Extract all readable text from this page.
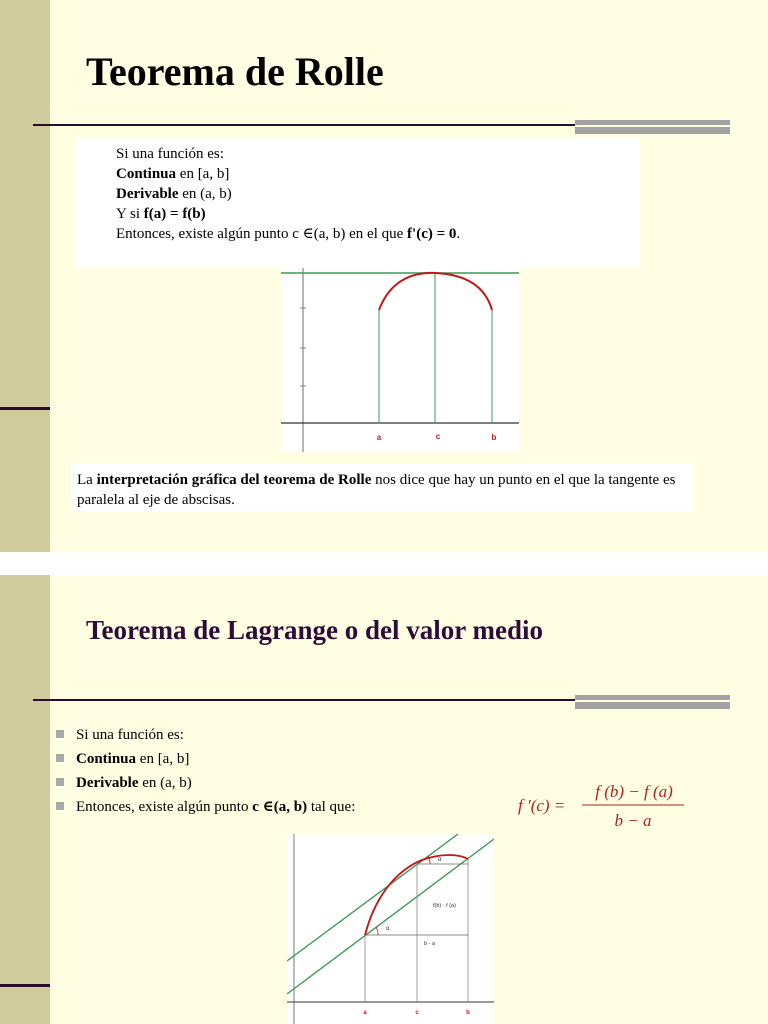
Teorema de Rolle
Si una función es:
Continua en [a, b]
Derivable en (a, b)
Y si f(a) = f(b)
Entonces, existe algún punto c ∈(a, b) en el que f'(c) = 0.
a	c	b
La interpretación gráfica del teorema de Rolle nos dice que hay un punto en el que la tangente es paralela al eje de abscisas.
Teorema de Lagrange o del valor medio
Si una función es:
Continua en [a, b]
Derivable en (a, b)
Entonces, existe algún punto c ∈(a, b) tal que:	f ′(c) =
f (b) − f (a)
b − a
α
α
f(b) - f (a)
b - a
a	c	b
